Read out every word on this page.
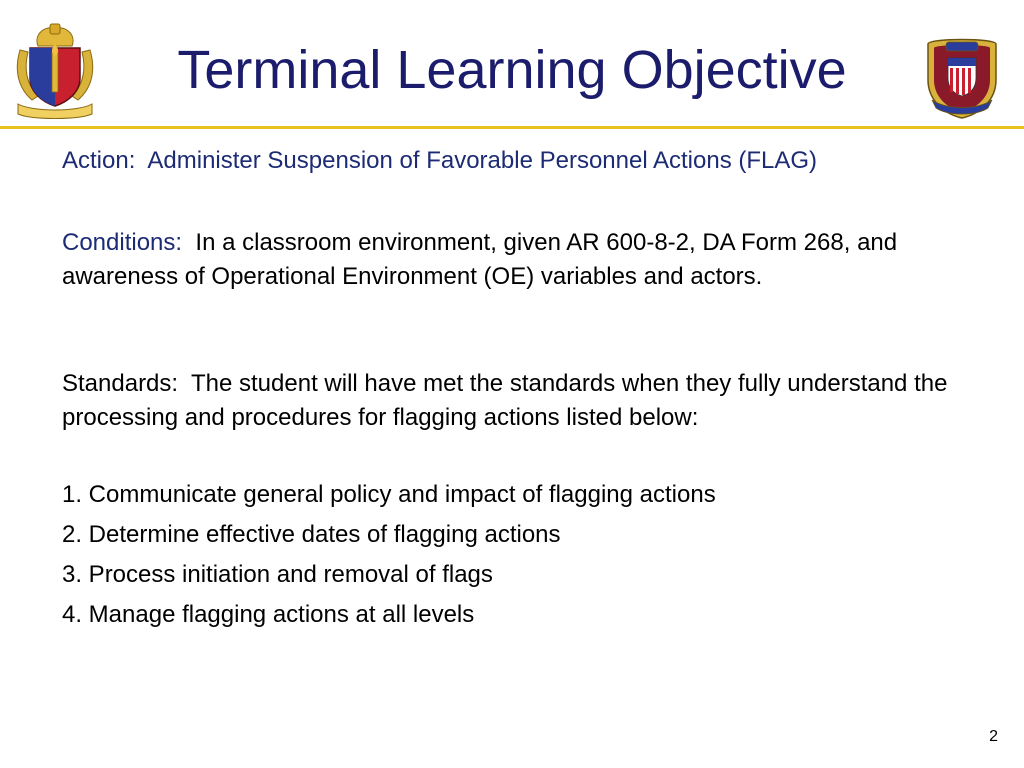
Terminal Learning Objective
Action: Administer Suspension of Favorable Personnel Actions (FLAG)
Conditions: In a classroom environment, given AR 600-8-2, DA Form 268, and awareness of Operational Environment (OE) variables and actors.
Standards: The student will have met the standards when they fully understand the processing and procedures for flagging actions listed below:
1. Communicate general policy and impact of flagging actions
2. Determine effective dates of flagging actions
3. Process initiation and removal of flags
4. Manage flagging actions at all levels
2
